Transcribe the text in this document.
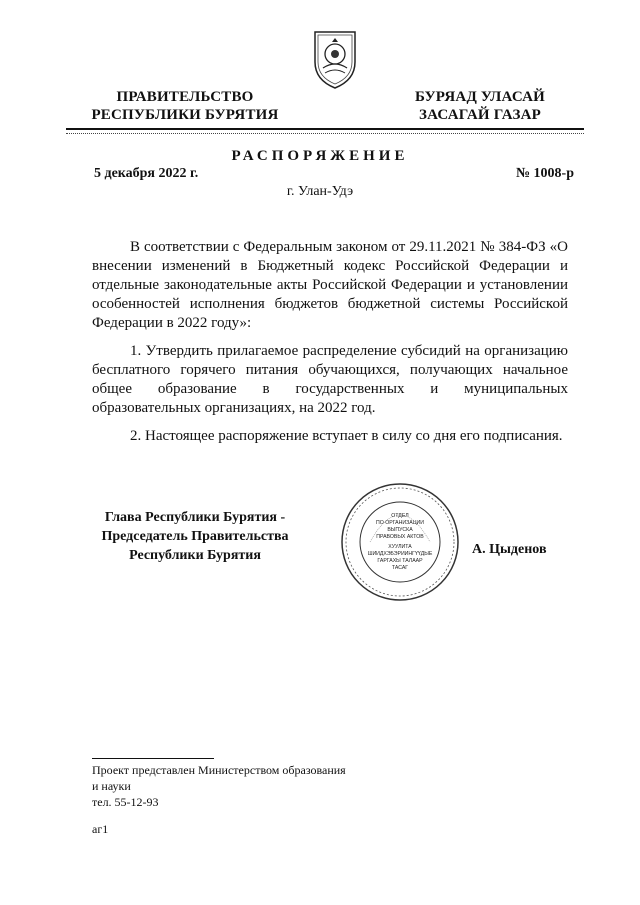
ПРАВИТЕЛЬСТВО
РЕСПУБЛИКИ БУРЯТИЯ
БУРЯАД УЛАСАЙ
ЗАСАГАЙ ГАЗАР
РАСПОРЯЖЕНИЕ
5 декабря 2022 г.	№ 1008-р
г. Улан-Удэ
В соответствии с Федеральным законом от 29.11.2021 № 384-ФЗ «О внесении изменений в Бюджетный кодекс Российской Федерации и отдельные законодательные акты Российской Федерации и установлении особенностей исполнения бюджетов бюджетной системы Российской Федерации в 2022 году»:
1. Утвердить прилагаемое распределение субсидий на организацию бесплатного горячего питания обучающихся, получающих начальное общее образование в государственных и муниципальных образовательных организациях, на 2022 год.
2. Настоящее распоряжение вступает в силу со дня его подписания.
Глава Республики Бурятия -
Председатель Правительства
Республики Бурятия
ОТДЕЛ
ПО ОРГАНИЗАЦИИ
ВЫПУСКА
ПРАВОВЫХ АКТОВ
ХУУЛИТА
ШИИДХЭБЭРИИНГҮҮДЫЕ
ГАРГАХЫ ТАЛААР
ТАСАГ
А. Цыденов
Проект представлен Министерством образования
и науки
тел. 55-12-93
аг1
